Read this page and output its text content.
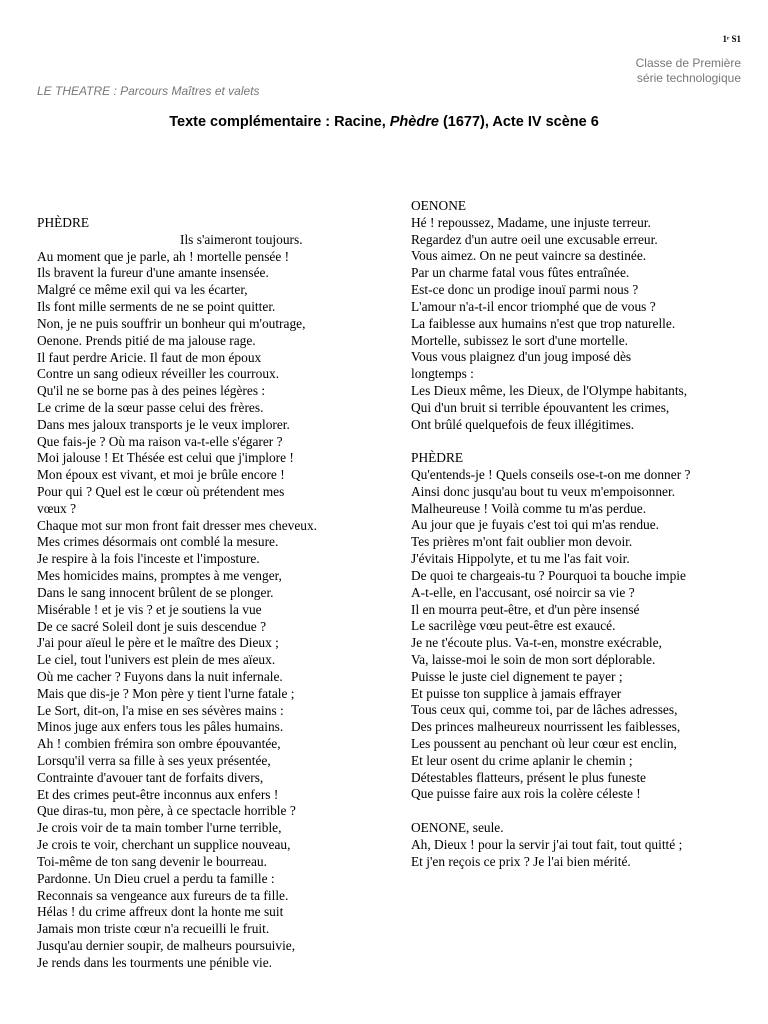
1ʳ S1
Classe de Première
série technologique
LE THEATRE : Parcours Maîtres et valets
Texte complémentaire : Racine, Phèdre (1677), Acte IV scène 6
PHÈDRE
Ils s'aimeront toujours.
Au moment que je parle, ah ! mortelle pensée !
Ils bravent la fureur d'une amante insensée.
Malgré ce même exil qui va les écarter,
Ils font mille serments de ne se point quitter.
Non, je ne puis souffrir un bonheur qui m'outrage,
Oenone. Prends pitié de ma jalouse rage.
Il faut perdre Aricie. Il faut de mon époux
Contre un sang odieux réveiller les courroux.
Qu'il ne se borne pas à des peines légères :
Le crime de la sœur passe celui des frères.
Dans mes jaloux transports je le veux implorer.
Que fais-je ? Où ma raison va-t-elle s'égarer ?
Moi jalouse ! Et Thésée est celui que j'implore !
Mon époux est vivant, et moi je brûle encore !
Pour qui ? Quel est le cœur où prétendent mes
vœux ?
Chaque mot sur mon front fait dresser mes cheveux.
Mes crimes désormais ont comblé la mesure.
Je respire à la fois l'inceste et l'imposture.
Mes homicides mains, promptes à me venger,
Dans le sang innocent brûlent de se plonger.
Misérable ! et je vis ? et je soutiens la vue
De ce sacré Soleil dont je suis descendue ?
J'ai pour aïeul le père et le maître des Dieux ;
Le ciel, tout l'univers est plein de mes aïeux.
Où me cacher ? Fuyons dans la nuit infernale.
Mais que dis-je ? Mon père y tient l'urne fatale ;
Le Sort, dit-on, l'a mise en ses sévères mains :
Minos juge aux enfers tous les pâles humains.
Ah ! combien frémira son ombre épouvantée,
Lorsqu'il verra sa fille à ses yeux présentée,
Contrainte d'avouer tant de forfaits divers,
Et des crimes peut-être inconnus aux enfers !
Que diras-tu, mon père, à ce spectacle horrible ?
Je crois voir de ta main tomber l'urne terrible,
Je crois te voir, cherchant un supplice nouveau,
Toi-même de ton sang devenir le bourreau.
Pardonne. Un Dieu cruel a perdu ta famille :
Reconnais sa vengeance aux fureurs de ta fille.
Hélas ! du crime affreux dont la honte me suit
Jamais mon triste cœur n'a recueilli le fruit.
Jusqu'au dernier soupir, de malheurs poursuivie,
Je rends dans les tourments une pénible vie.
OENONE
Hé ! repoussez, Madame, une injuste terreur.
Regardez d'un autre oeil une excusable erreur.
Vous aimez. On ne peut vaincre sa destinée.
Par un charme fatal vous fûtes entraînée.
Est-ce donc un prodige inouï parmi nous ?
L'amour n'a-t-il encor triomphé que de vous ?
La faiblesse aux humains n'est que trop naturelle.
Mortelle, subissez le sort d'une mortelle.
Vous vous plaignez d'un joug imposé dès
longtemps :
Les Dieux même, les Dieux, de l'Olympe habitants,
Qui d'un bruit si terrible épouvantent les crimes,
Ont brûlé quelquefois de feux illégitimes.
PHÈDRE
Qu'entends-je ! Quels conseils ose-t-on me donner ?
Ainsi donc jusqu'au bout tu veux m'empoisonner.
Malheureuse ! Voilà comme tu m'as perdue.
Au jour que je fuyais c'est toi qui m'as rendue.
Tes prières m'ont fait oublier mon devoir.
J'évitais Hippolyte, et tu me l'as fait voir.
De quoi te chargeais-tu ? Pourquoi ta bouche impie
A-t-elle, en l'accusant, osé noircir sa vie ?
Il en mourra peut-être, et d'un père insensé
Le sacrilège vœu peut-être est exaucé.
Je ne t'écoute plus. Va-t-en, monstre exécrable,
Va, laisse-moi le soin de mon sort déplorable.
Puisse le juste ciel dignement te payer ;
Et puisse ton supplice à jamais effrayer
Tous ceux qui, comme toi, par de lâches adresses,
Des princes malheureux nourrissent les faiblesses,
Les poussent au penchant où leur cœur est enclin,
Et leur osent du crime aplanir le chemin ;
Détestables flatteurs, présent le plus funeste
Que puisse faire aux rois la colère céleste !
OENONE, seule.
Ah, Dieux ! pour la servir j'ai tout fait, tout quitté ;
Et j'en reçois ce prix ? Je l'ai bien mérité.
